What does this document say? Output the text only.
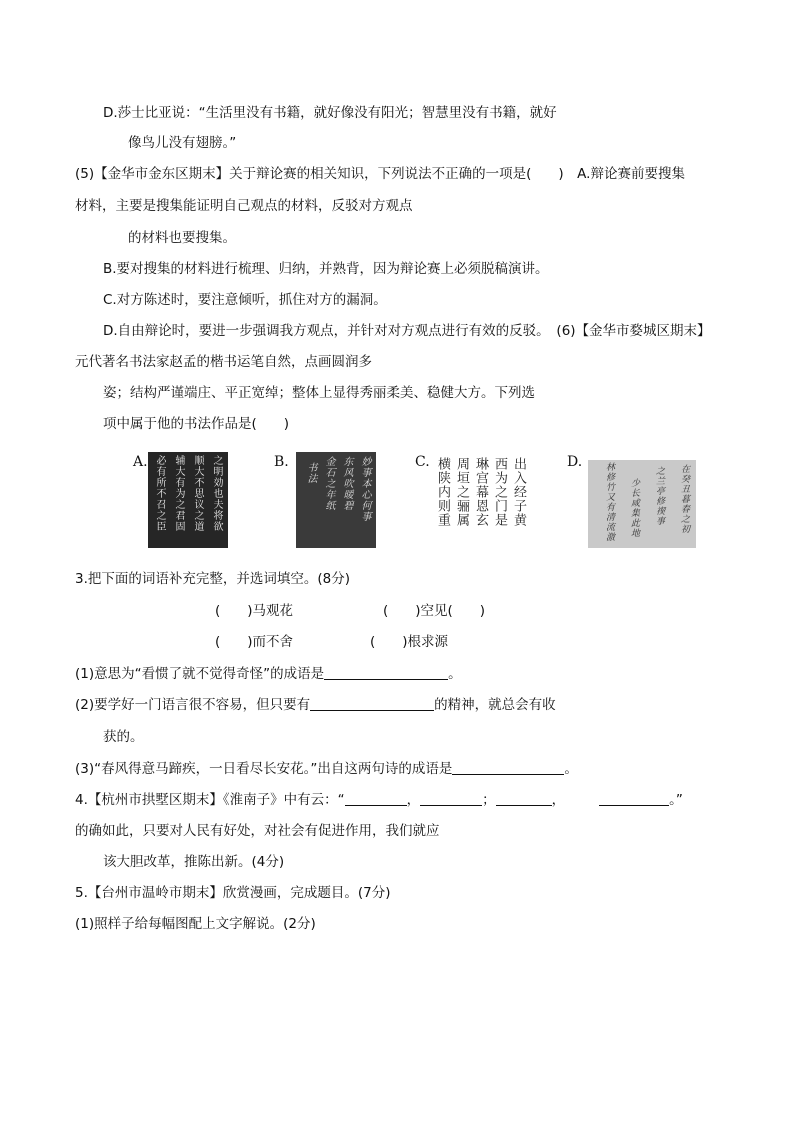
D.莎士比亚说：“生活里没有书籍，就好像没有阳光；智慧里没有书籍，就好
像鸟儿没有翅膀。”
(5)【金华市金东区期末】关于辩论赛的相关知识，下列说法不正确的一项是(　　)　A.辩论赛前要搜集
材料，主要是搜集能证明自己观点的材料，反驳对方观点
的材料也要搜集。
B.要对搜集的材料进行梳理、归纳，并熟背，因为辩论赛上必须脱稿演讲。
C.对方陈述时，要注意倾听，抓住对方的漏洞。
D.自由辩论时，要进一步强调我方观点，并针对对方观点进行有效的反驳。　(6)【金华市婺城区期末】
元代著名书法家赵孟的楷书运笔自然，点画圆润多
姿；结构严谨端庄、平正宽绰；整体上显得秀丽柔美、稳健大方。下列选
项中属于他的书法作品是(　　)
A.	之明効也夫将欲
顺大不思议之道
辅大有为之君固
必有所不召之臣	B.	妙事本心何事
东风吹暖碧
金石之年纸
书法	C.	出入经子黄
西为之门是
琳宫幕恩玄
周垣之骊属
横陕内则重	D.
在癸丑暮春之初
之兰亭修禊事
少长咸集此地
林修竹又有清流激
3.把下面的词语补充完整，并选词填空。(8分)
(　　)马观花	(　　)空见(　　)
(　　)而不舍	(　　)根求源
(1)意思为“看惯了就不觉得奇怪”的成语是	。
(2)要学好一门语言很不容易，但只要有	的精神，就总会有收
获的。
(3)“春风得意马蹄疾，一日看尽长安花。”出自这两句诗的成语是	。
4.【杭州市拱墅区期末】《淮南子》中有云：“	，	；	，	。”
的确如此，只要对人民有好处，对社会有促进作用，我们就应
该大胆改革，推陈出新。(4分)
5.【台州市温岭市期末】欣赏漫画，完成题目。(7分)
(1)照样子给每幅图配上文字解说。(2分)
